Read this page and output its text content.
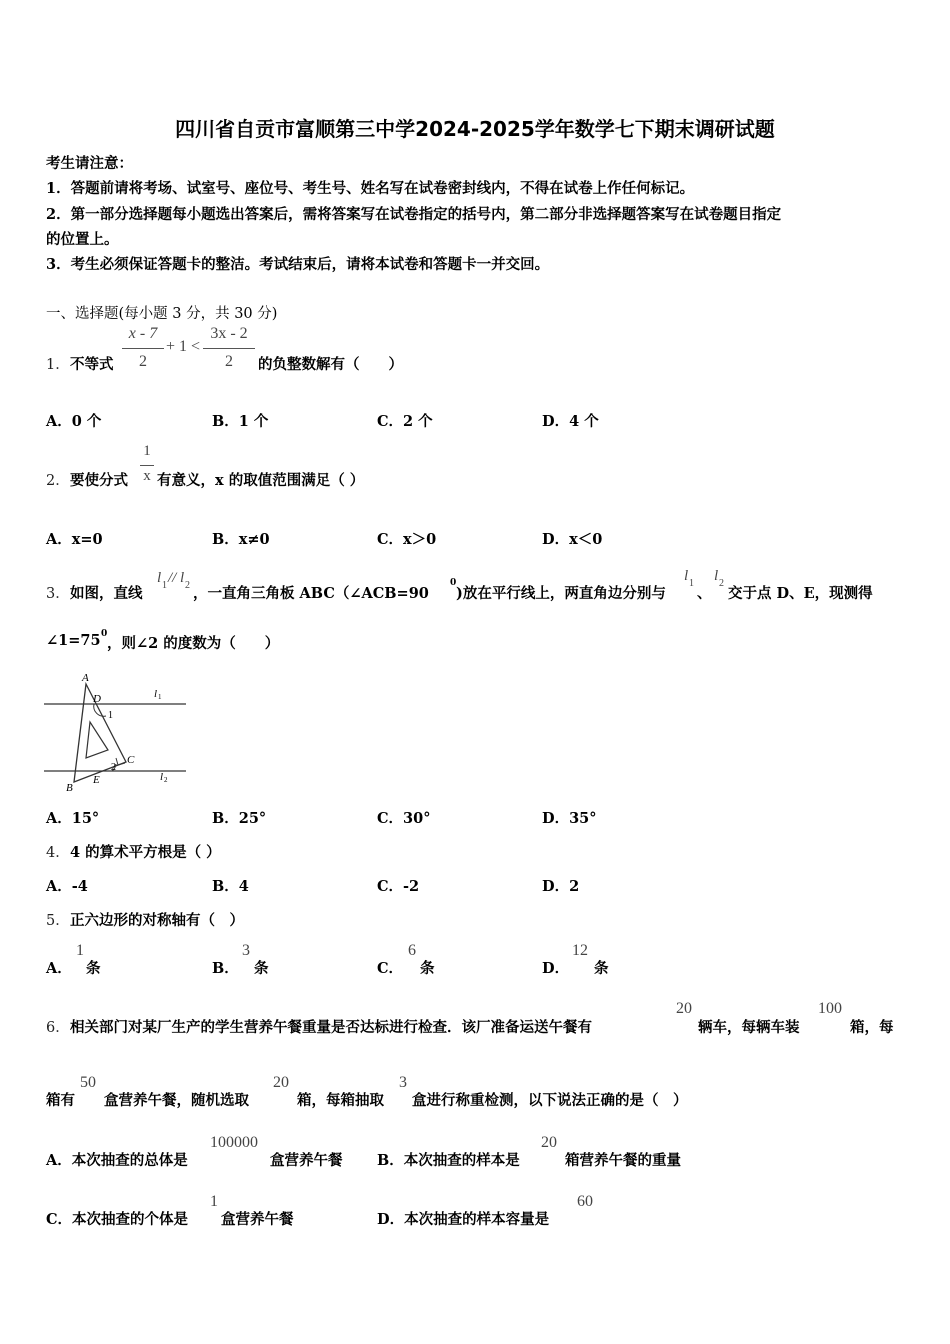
四川省自贡市富顺第三中学2024-2025学年数学七下期末调研试题
考生请注意：
1．答题前请将考场、试室号、座位号、考生号、姓名写在试卷密封线内，不得在试卷上作任何标记。
2．第一部分选择题每小题选出答案后，需将答案写在试卷指定的括号内，第二部分非选择题答案写在试卷题目指定
的位置上。
3．考生必须保证答题卡的整洁。考试结束后，请将本试卷和答题卡一并交回。
一、选择题(每小题 3 分，共 30 分)
1． 不等式
x - 7
2
+ 1 <
3x - 2
2	的负整数解有（　　）
A．0 个	B．1 个	C．2 个	D．4 个
2． 要使分式
1
x 有意义，x 的取值范围满足（ ）
A．x=0	B．x≠0	C．x＞0	D．x＜0
3． 如图，直线
l 1 // l 2 ，一直角三角板 ABC（∠ACB=90
0
)放在平行线上，两直角边分别与
l 1
、
l 2
交于点 D、E，现测得
∠1=75 0
，则∠2 的度数为（　　）
A
B
C
D
E
1
2
l 1
l 2
A．15°	B．25°	C．30°	D．35°
4． 4 的算术平方根是（ ）
A．-4	B．4	C．-2	D．2
5． 正六边形的对称轴有（　）
A．
1
条	B．
3
条	C．
6
条	D．
12
条
6． 相关部门对某厂生产的学生营养午餐重量是否达标进行检查．该厂准备运送午餐有
20
辆车，每辆车装
100
箱，每
箱有
50
盒营养午餐，随机选取
20
箱，每箱抽取
3
盒进行称重检测，以下说法正确的是（　）
A．本次抽查的总体是
100000
盒营养午餐 B．本次抽查的样本是
20
箱营养午餐的重量
C．本次抽查的个体是
1
盒营养午餐	D．本次抽查的样本容量是
60
